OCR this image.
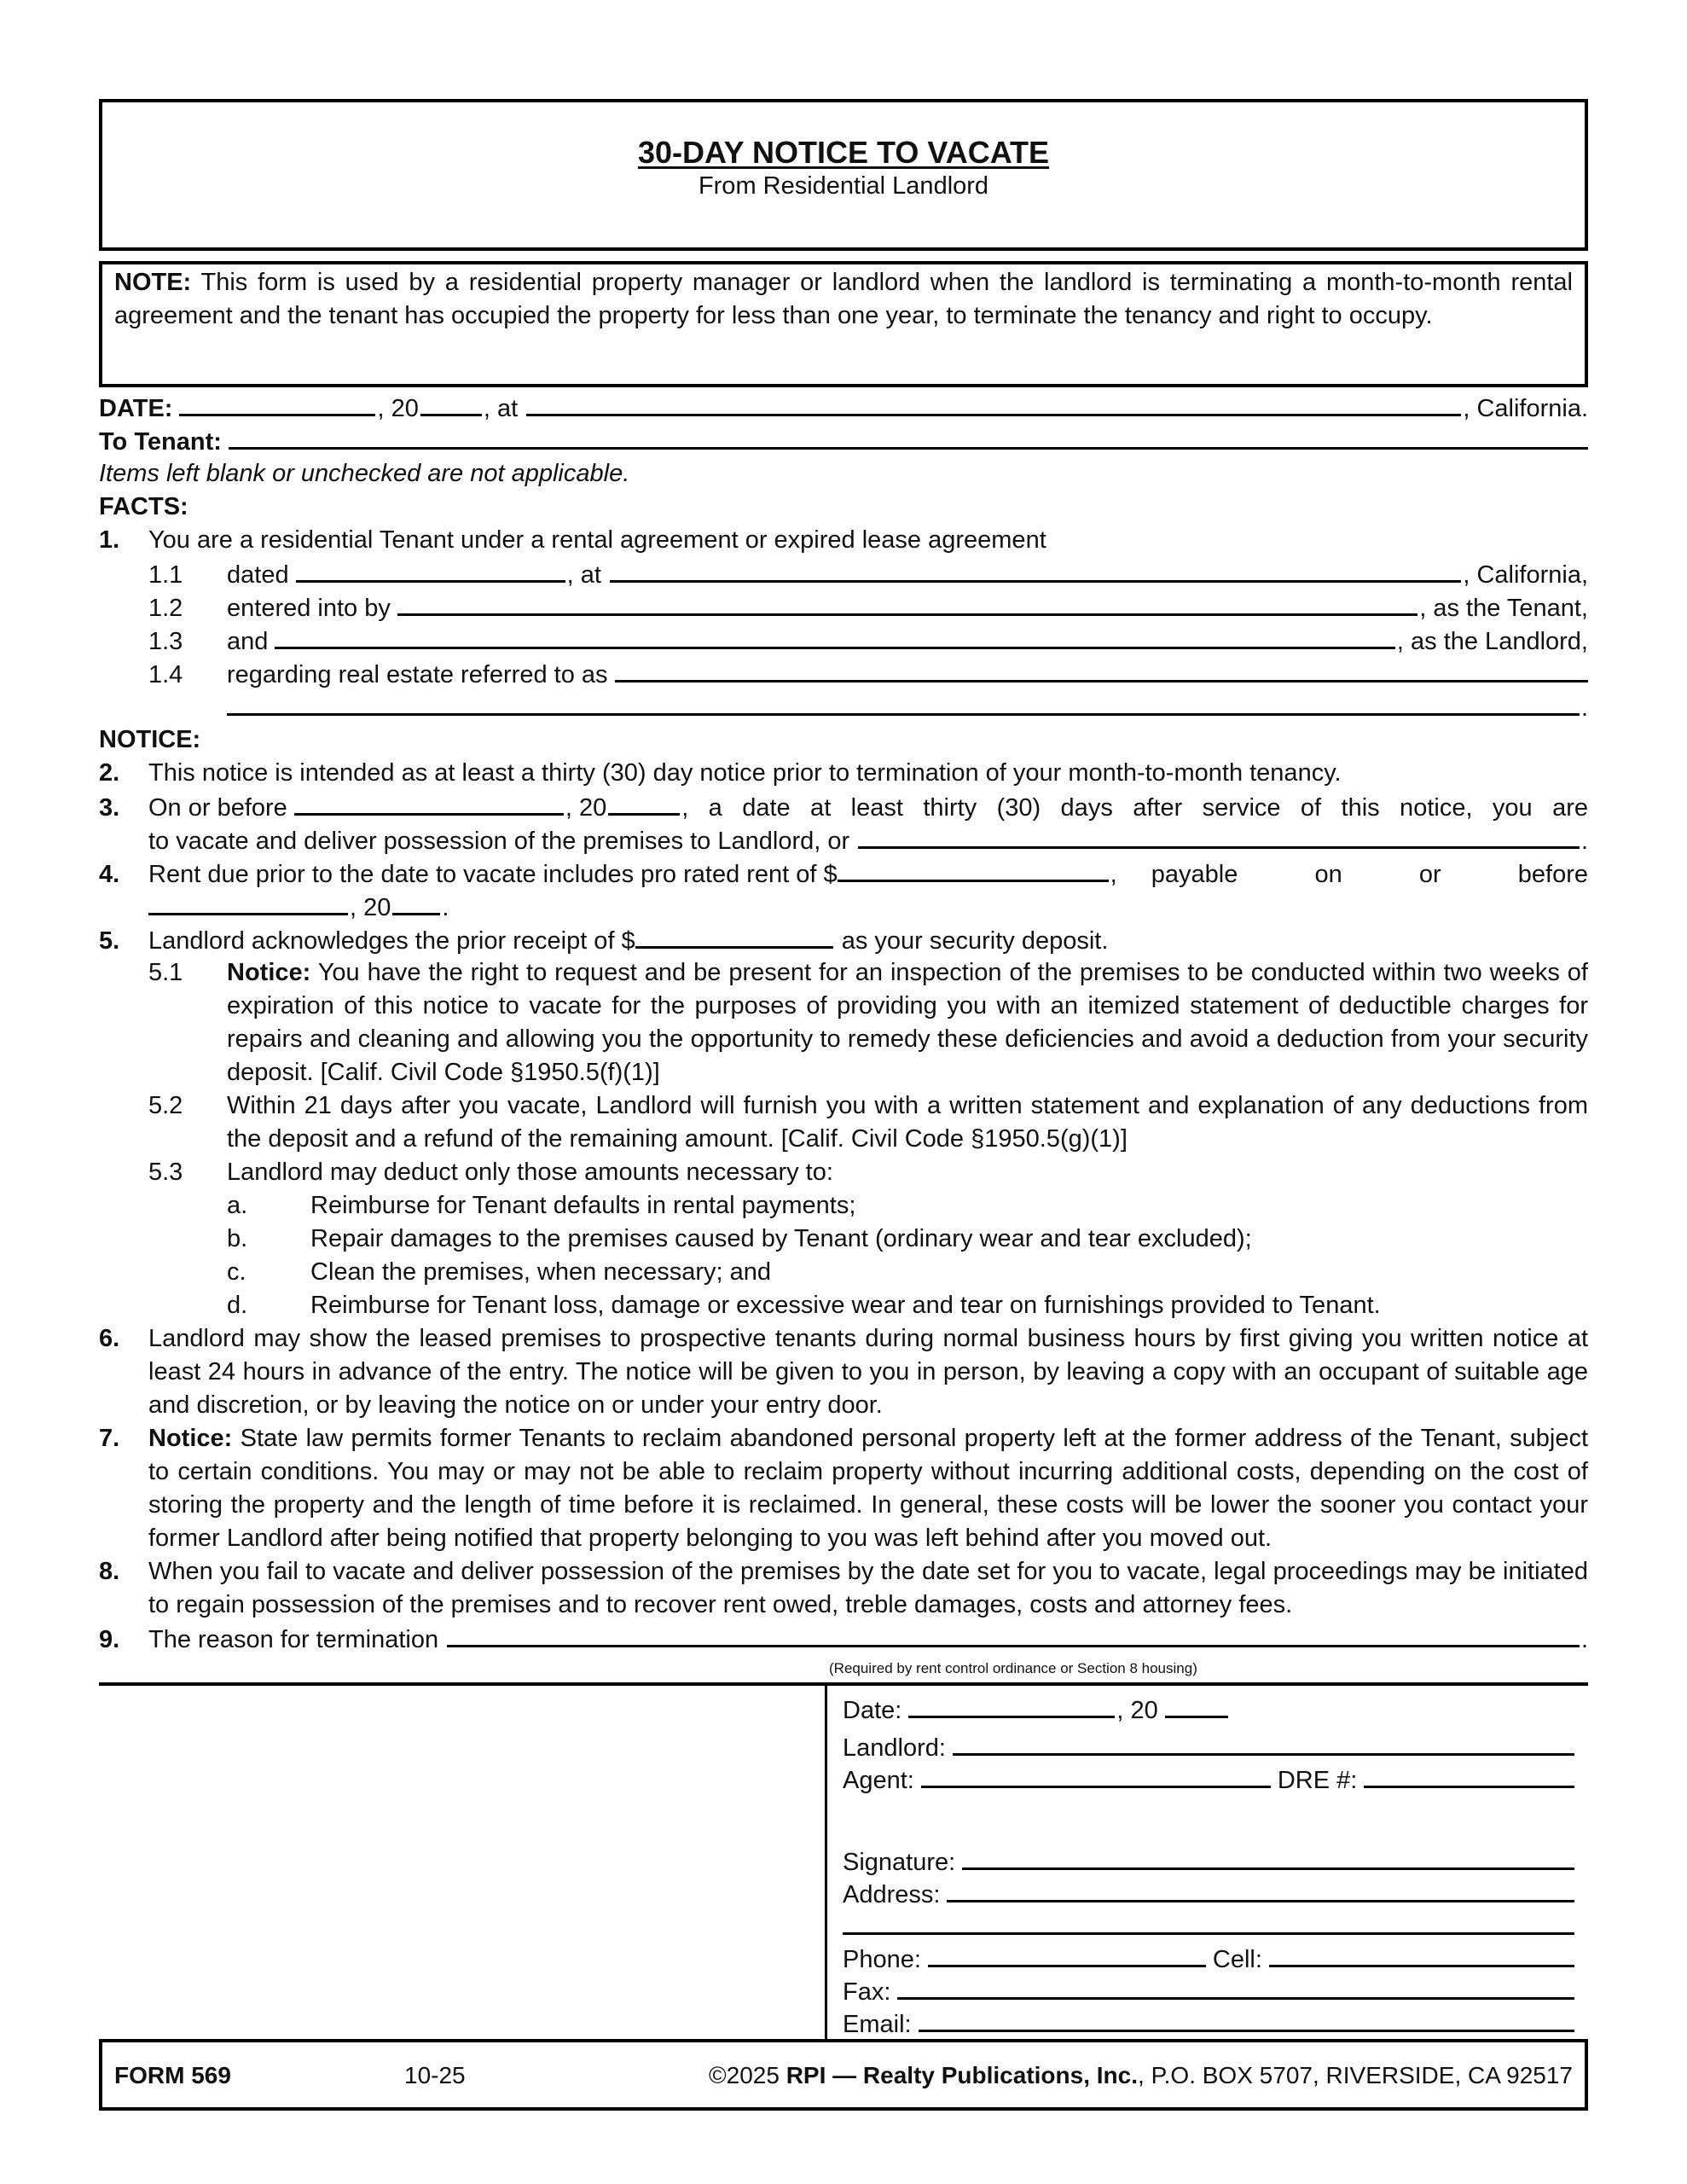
30-DAY NOTICE TO VACATE
From Residential Landlord
NOTE: This form is used by a residential property manager or landlord when the landlord is terminating a month-to-month rental agreement and the tenant has occupied the property for less than one year, to terminate the tenancy and right to occupy.
DATE:	, 20	, at	, California.
To Tenant:
Items left blank or unchecked are not applicable.
FACTS:
1.	You are a residential Tenant under a rental agreement or expired lease agreement
1.1	dated	, at	, California,
1.2	entered into by	, as the Tenant,
1.3	and	, as the Landlord,
1.4	regarding real estate referred to as
.
NOTICE:
2.	This notice is intended as at least a thirty (30) day notice prior to termination of your month-to-month tenancy.
3.	On or before	, 20	, a date at least thirty (30) days after service of this notice, you are
to vacate and deliver possession of the premises to Landlord, or	.
4.	Rent due prior to the date to vacate includes pro rated rent of $	, payable	on	or	before
, 20 .
5.	Landlord acknowledges the prior receipt of $	as your security deposit.
5.1	Notice: You have the right to request and be present for an inspection of the premises to be conducted within two weeks of expiration of this notice to vacate for the purposes of providing you with an itemized statement of deductible charges for repairs and cleaning and allowing you the opportunity to remedy these deficiencies and avoid a deduction from your security deposit. [Calif. Civil Code §1950.5(f)(1)]
5.2	Within 21 days after you vacate, Landlord will furnish you with a written statement and explanation of any deductions from the deposit and a refund of the remaining amount. [Calif. Civil Code §1950.5(g)(1)]
5.3	Landlord may deduct only those amounts necessary to:
a.	Reimburse for Tenant defaults in rental payments;
b.	Repair damages to the premises caused by Tenant (ordinary wear and tear excluded);
c.	Clean the premises, when necessary; and
d.	Reimburse for Tenant loss, damage or excessive wear and tear on furnishings provided to Tenant.
6.	Landlord may show the leased premises to prospective tenants during normal business hours by first giving you written notice at least 24 hours in advance of the entry. The notice will be given to you in person, by leaving a copy with an occupant of suitable age and discretion, or by leaving the notice on or under your entry door.
7.	Notice: State law permits former Tenants to reclaim abandoned personal property left at the former address of the Tenant, subject to certain conditions. You may or may not be able to reclaim property without incurring additional costs, depending on the cost of storing the property and the length of time before it is reclaimed. In general, these costs will be lower the sooner you contact your former Landlord after being notified that property belonging to you was left behind after you moved out.
8.	When you fail to vacate and deliver possession of the premises by the date set for you to vacate, legal proceedings may be initiated to regain possession of the premises and to recover rent owed, treble damages, costs and attorney fees.
9.	The reason for termination	.
(Required by rent control ordinance or Section 8 housing)
Date:	, 20
Landlord:
Agent:	DRE #:
Signature:
Address:
Phone:	Cell:
Fax:
Email:
FORM 569	10-25	©2025 RPI — Realty Publications, Inc., P.O. BOX 5707, RIVERSIDE, CA 92517
